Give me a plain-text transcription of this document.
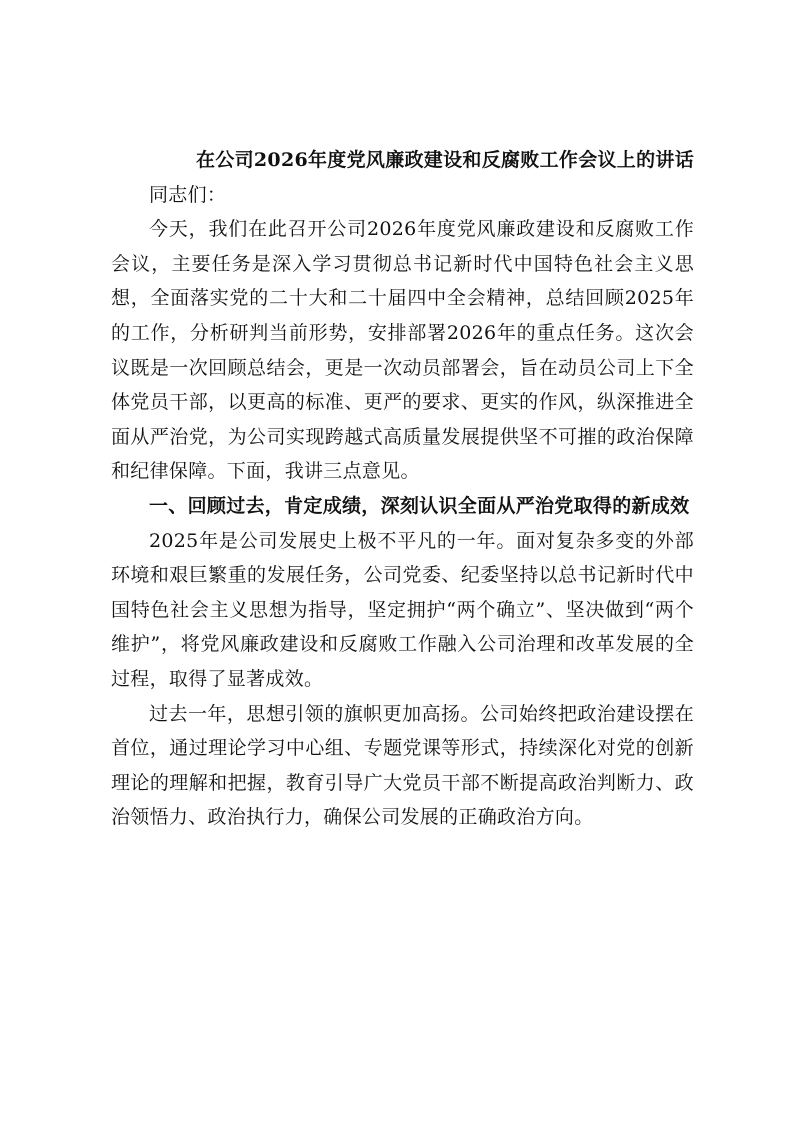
在公司2026年度党风廉政建设和反腐败工作会议上的讲话

同志们：

今天，我们在此召开公司2026年度党风廉政建设和反腐败工作会议，主要任务是深入学习贯彻总书记新时代中国特色社会主义思想，全面落实党的二十大和二十届四中全会精神，总结回顾2025年的工作，分析研判当前形势，安排部署2026年的重点任务。这次会议既是一次回顾总结会，更是一次动员部署会，旨在动员公司上下全体党员干部，以更高的标准、更严的要求、更实的作风，纵深推进全面从严治党，为公司实现跨越式高质量发展提供坚不可摧的政治保障和纪律保障。下面，我讲三点意见。

一、回顾过去，肯定成绩，深刻认识全面从严治党取得的新成效

2025年是公司发展史上极不平凡的一年。面对复杂多变的外部环境和艰巨繁重的发展任务，公司党委、纪委坚持以总书记新时代中国特色社会主义思想为指导，坚定拥护“两个确立”、坚决做到“两个维护”，将党风廉政建设和反腐败工作融入公司治理和改革发展的全过程，取得了显著成效。

过去一年，思想引领的旗帜更加高扬。公司始终把政治建设摆在首位，通过理论学习中心组、专题党课等形式，持续深化对党的创新理论的理解和把握，教育引导广大党员干部不断提高政治判断力、政治领悟力、政治执行力，确保公司发展的正确政治方向。
